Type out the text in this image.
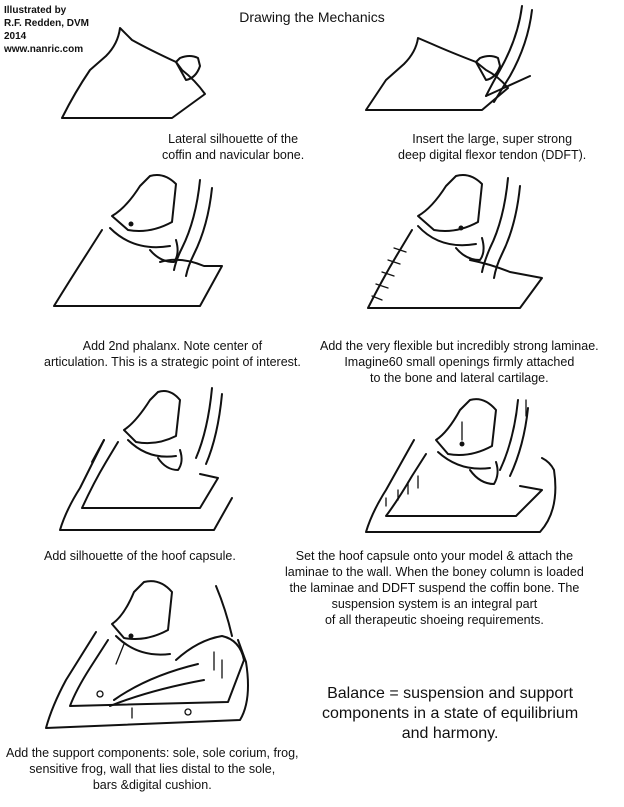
Illustrated by
R.F. Redden, DVM
2014
www.nanric.com
Drawing the Mechanics
Lateral silhouette of the
coffin and navicular bone.
Insert the large, super strong
deep digital flexor tendon (DDFT).
Add 2nd phalanx. Note center of
articulation. This is a strategic point of interest.
Add the very flexible but incredibly strong laminae.
Imagine60 small openings firmly attached
to the bone and lateral cartilage.
Add silhouette of the hoof capsule.	Set the hoof capsule onto your model & attach the
laminae to the wall. When the boney column is loaded
the laminae and DDFT suspend the coffin bone. The
suspension system is an integral part
of all therapeutic shoeing requirements.
Balance = suspension and support
components in a state of equilibrium
and harmony.
Add the support components: sole, sole corium, frog,
sensitive frog, wall that lies distal to the sole,
bars &digital cushion.
